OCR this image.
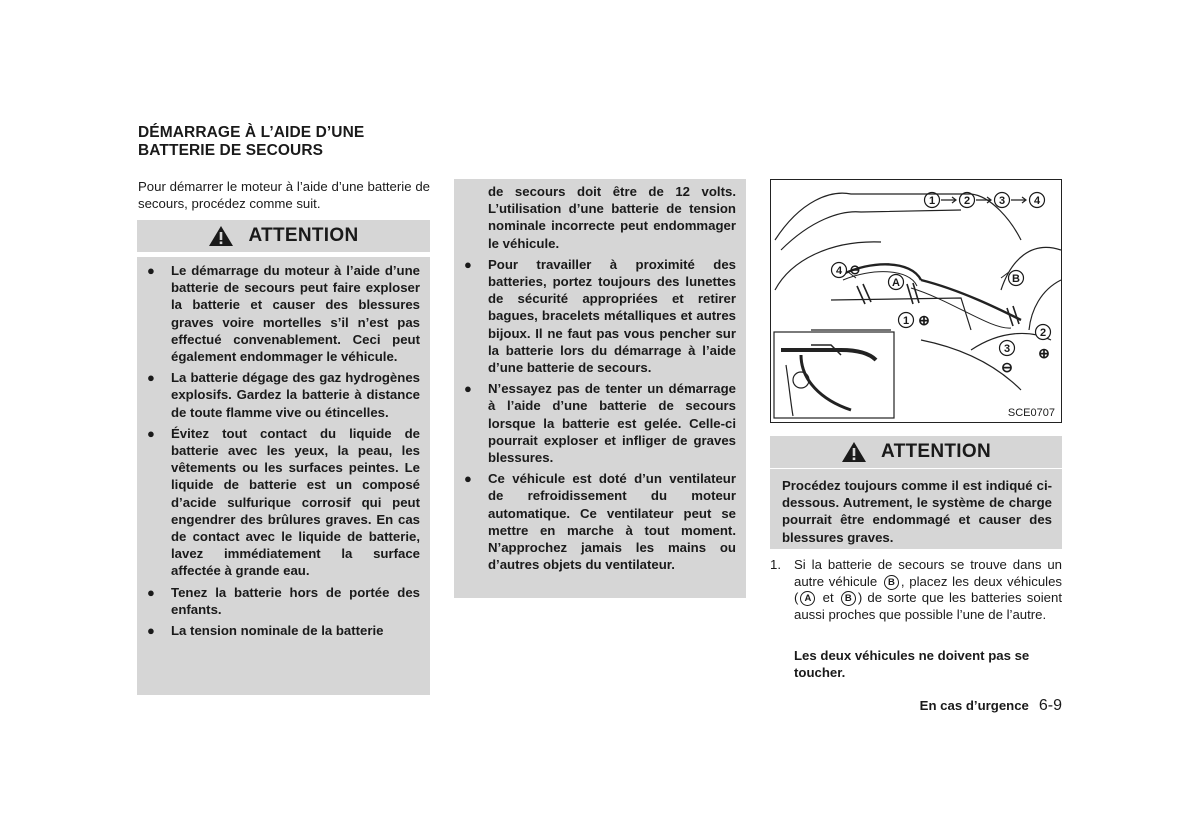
DÉMARRAGE À L’AIDE D’UNE BATTERIE DE SECOURS
Pour démarrer le moteur à l’aide d’une batterie de secours, procédez comme suit.
ATTENTION
● Le démarrage du moteur à l’aide d’une batterie de secours peut faire exploser la batterie et causer des blessures graves voire mortelles s’il n’est pas effectué convenablement. Ceci peut également endommager le véhicule.
● La batterie dégage des gaz hydrogènes explosifs. Gardez la batterie à distance de toute flamme vive ou étincelles.
● Évitez tout contact du liquide de batterie avec les yeux, la peau, les vêtements ou les surfaces peintes. Le liquide de batterie est un composé d’acide sulfurique corrosif qui peut engendrer des brûlures graves. En cas de contact avec le liquide de batterie, lavez immédiatement la surface affectée à grande eau.
● Tenez la batterie hors de portée des enfants.
● La tension nominale de la batterie
de secours doit être de 12 volts. L’utilisation d’une batterie de tension nominale incorrecte peut endommager le véhicule.
● Pour travailler à proximité des batteries, portez toujours des lunettes de sécurité appropriées et retirer bagues, bracelets métalliques et autres bijoux. Il ne faut pas vous pencher sur la batterie lors du démarrage à l’aide d’une batterie de secours.
● N’essayez pas de tenter un démarrage à l’aide d’une batterie de secours lorsque la batterie est gelée. Celle-ci pourrait exploser et infliger de graves blessures.
● Ce véhicule est doté d’un ventilateur de refroidissement du moteur automatique. Ce ventilateur peut se mettre en marche à tout moment. N’approchez jamais les mains ou d’autres objets du ventilateur.
1	2	3	4
4 ⊖
A	B
1 ⊕
2
⊕
3
⊖
SCE0707
ATTENTION
Procédez toujours comme il est indiqué ci-dessous. Autrement, le système de charge pourrait être endommagé et causer des blessures graves.
1. Si la batterie de secours se trouve dans un autre véhicule B , placez les deux véhicules ( A et B ) de sorte que les batteries soient aussi proches que possible l’une de l’autre.
Les deux véhicules ne doivent pas se toucher.
En cas d’urgence 6-9
